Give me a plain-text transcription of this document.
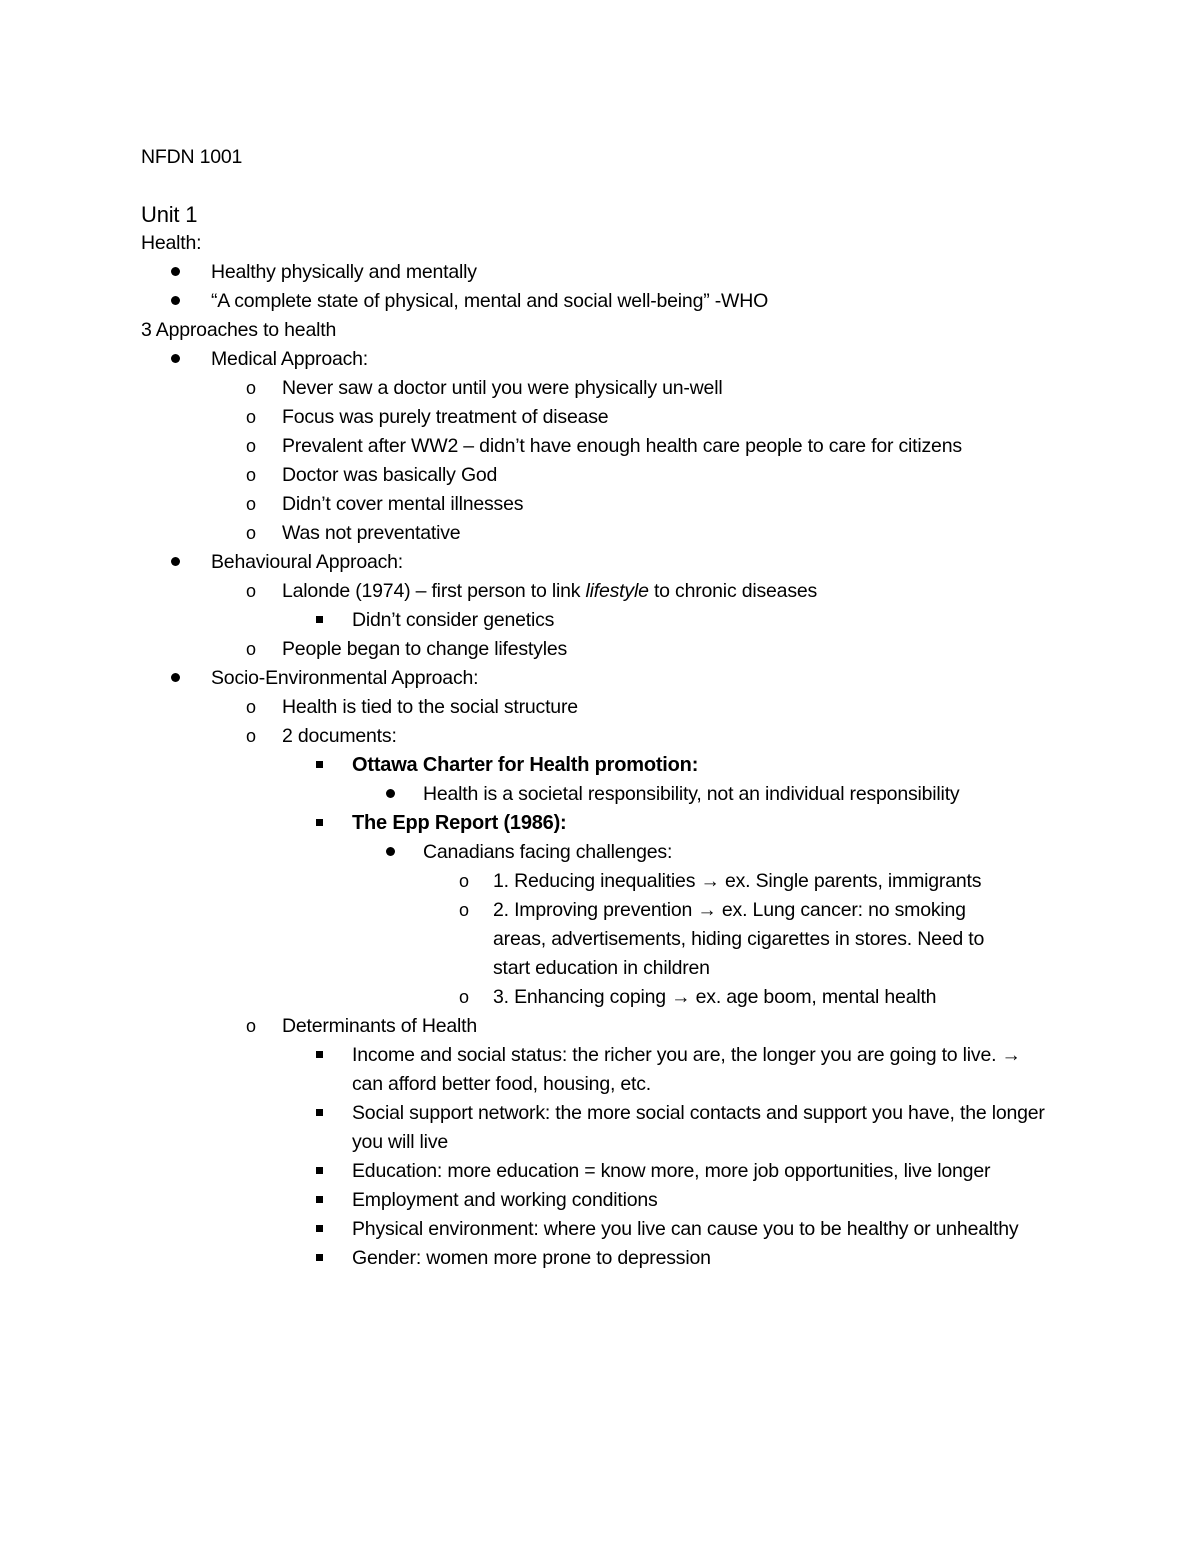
NFDN 1001
Unit 1
Health:
Healthy physically and mentally
“A complete state of physical, mental and social well-being” -WHO
3 Approaches to health
Medical Approach:
o Never saw a doctor until you were physically un-well
o Focus was purely treatment of disease
o Prevalent after WW2 – didn’t have enough health care people to care for citizens
o Doctor was basically God
o Didn’t cover mental illnesses
o Was not preventative
Behavioural Approach:
o Lalonde (1974) – first person to link lifestyle to chronic diseases
Didn’t consider genetics
o People began to change lifestyles
Socio-Environmental Approach:
o Health is tied to the social structure
o 2 documents:
Ottawa Charter for Health promotion:
Health is a societal responsibility, not an individual responsibility
The Epp Report (1986):
Canadians facing challenges:
o 1. Reducing inequalities → ex. Single parents, immigrants
o 2. Improving prevention → ex. Lung cancer: no smoking areas, advertisements, hiding cigarettes in stores. Need to start education in children
o 3. Enhancing coping → ex. age boom, mental health
o Determinants of Health
Income and social status: the richer you are, the longer you are going to live. → can afford better food, housing, etc.
Social support network: the more social contacts and support you have, the longer you will live
Education: more education = know more, more job opportunities, live longer
Employment and working conditions
Physical environment: where you live can cause you to be healthy or unhealthy
Gender: women more prone to depression
